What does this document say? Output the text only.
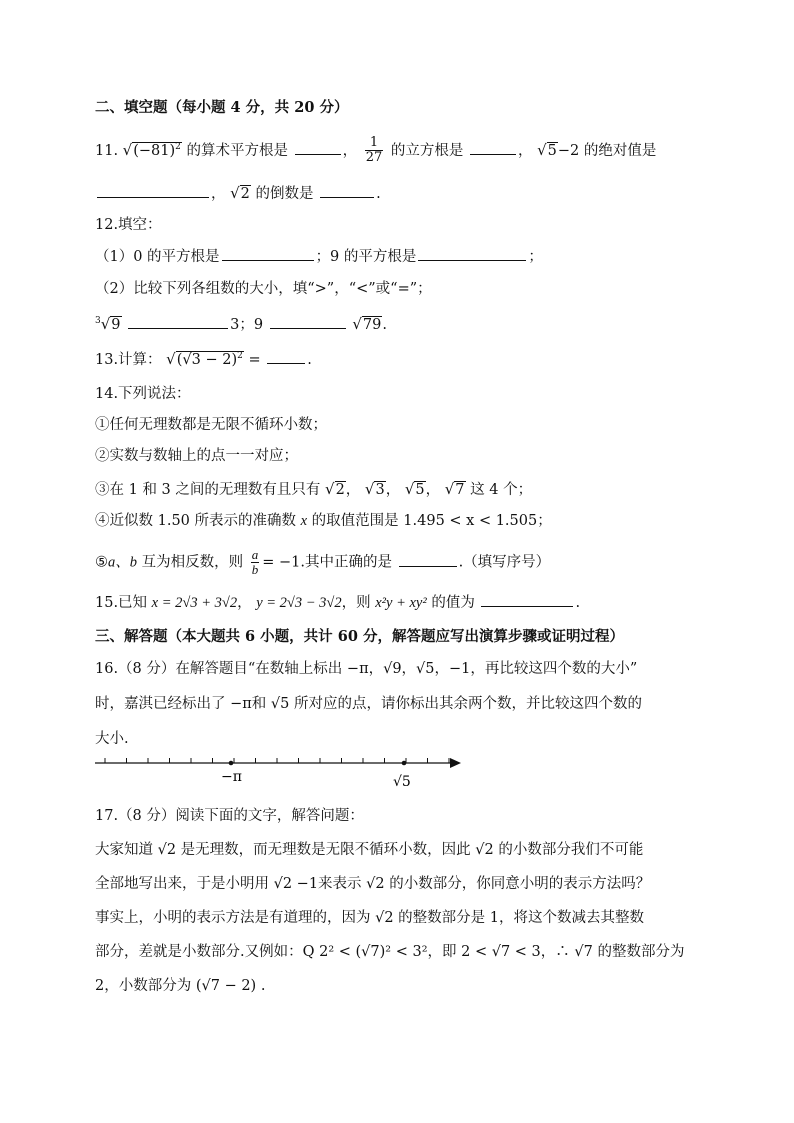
二、填空题（每小题 4 分，共 20 分）
11. $√(-81)^2$ 的算术平方根是	， $\frac{1}{27}$ 的立方根是	， √5−2 的绝对值是
， √2 的倒数是	.
12.填空：
（1）0 的平方根是	；9 的平方根是	；
（2）比较下列各组数的大小，填“>”，“<”或“=”；
$^3$√9	3；9	√79.
13.计算： $√(√3 - 2)^2$ =	.
14.下列说法：
①任何无理数都是无限不循环小数；
②实数与数轴上的点一一对应；
③在 1 和 3 之间的无理数有且只有 √2， √3， √5， √7 这 4 个；
④近似数 1.50 所表示的准确数 x 的取值范围是 1.495 < x < 1.505；
⑤a、b 互为相反数，则 $\frac{a}{b} = -1$.其中正确的是	.（填写序号）
15.已知 x = 2√3 + 3√2， y = 2√3 − 3√2，则 x²y + xy² 的值为	.
三、解答题（本大题共 6 小题，共计 60 分，解答题应写出演算步骤或证明过程）
16.（8 分）在解答题目“在数轴上标出 −π，√9，√5，−1，再比较这四个数的大小”
时，嘉淇已经标出了 −π和 √5 所对应的点，请你标出其余两个数，并比较这四个数的
大小.
−π	√5
17.（8 分）阅读下面的文字，解答问题：
大家知道 √2 是无理数，而无理数是无限不循环小数，因此 √2 的小数部分我们不可能
全部地写出来，于是小明用 √2 −1来表示 √2 的小数部分，你同意小明的表示方法吗？
事实上，小明的表示方法是有道理的，因为 √2 的整数部分是 1，将这个数减去其整数
部分，差就是小数部分.又例如：Q 2² < (√7)² < 3²，即 2 < √7 < 3，∴ √7 的整数部分为
2，小数部分为 (√7 − 2) .
